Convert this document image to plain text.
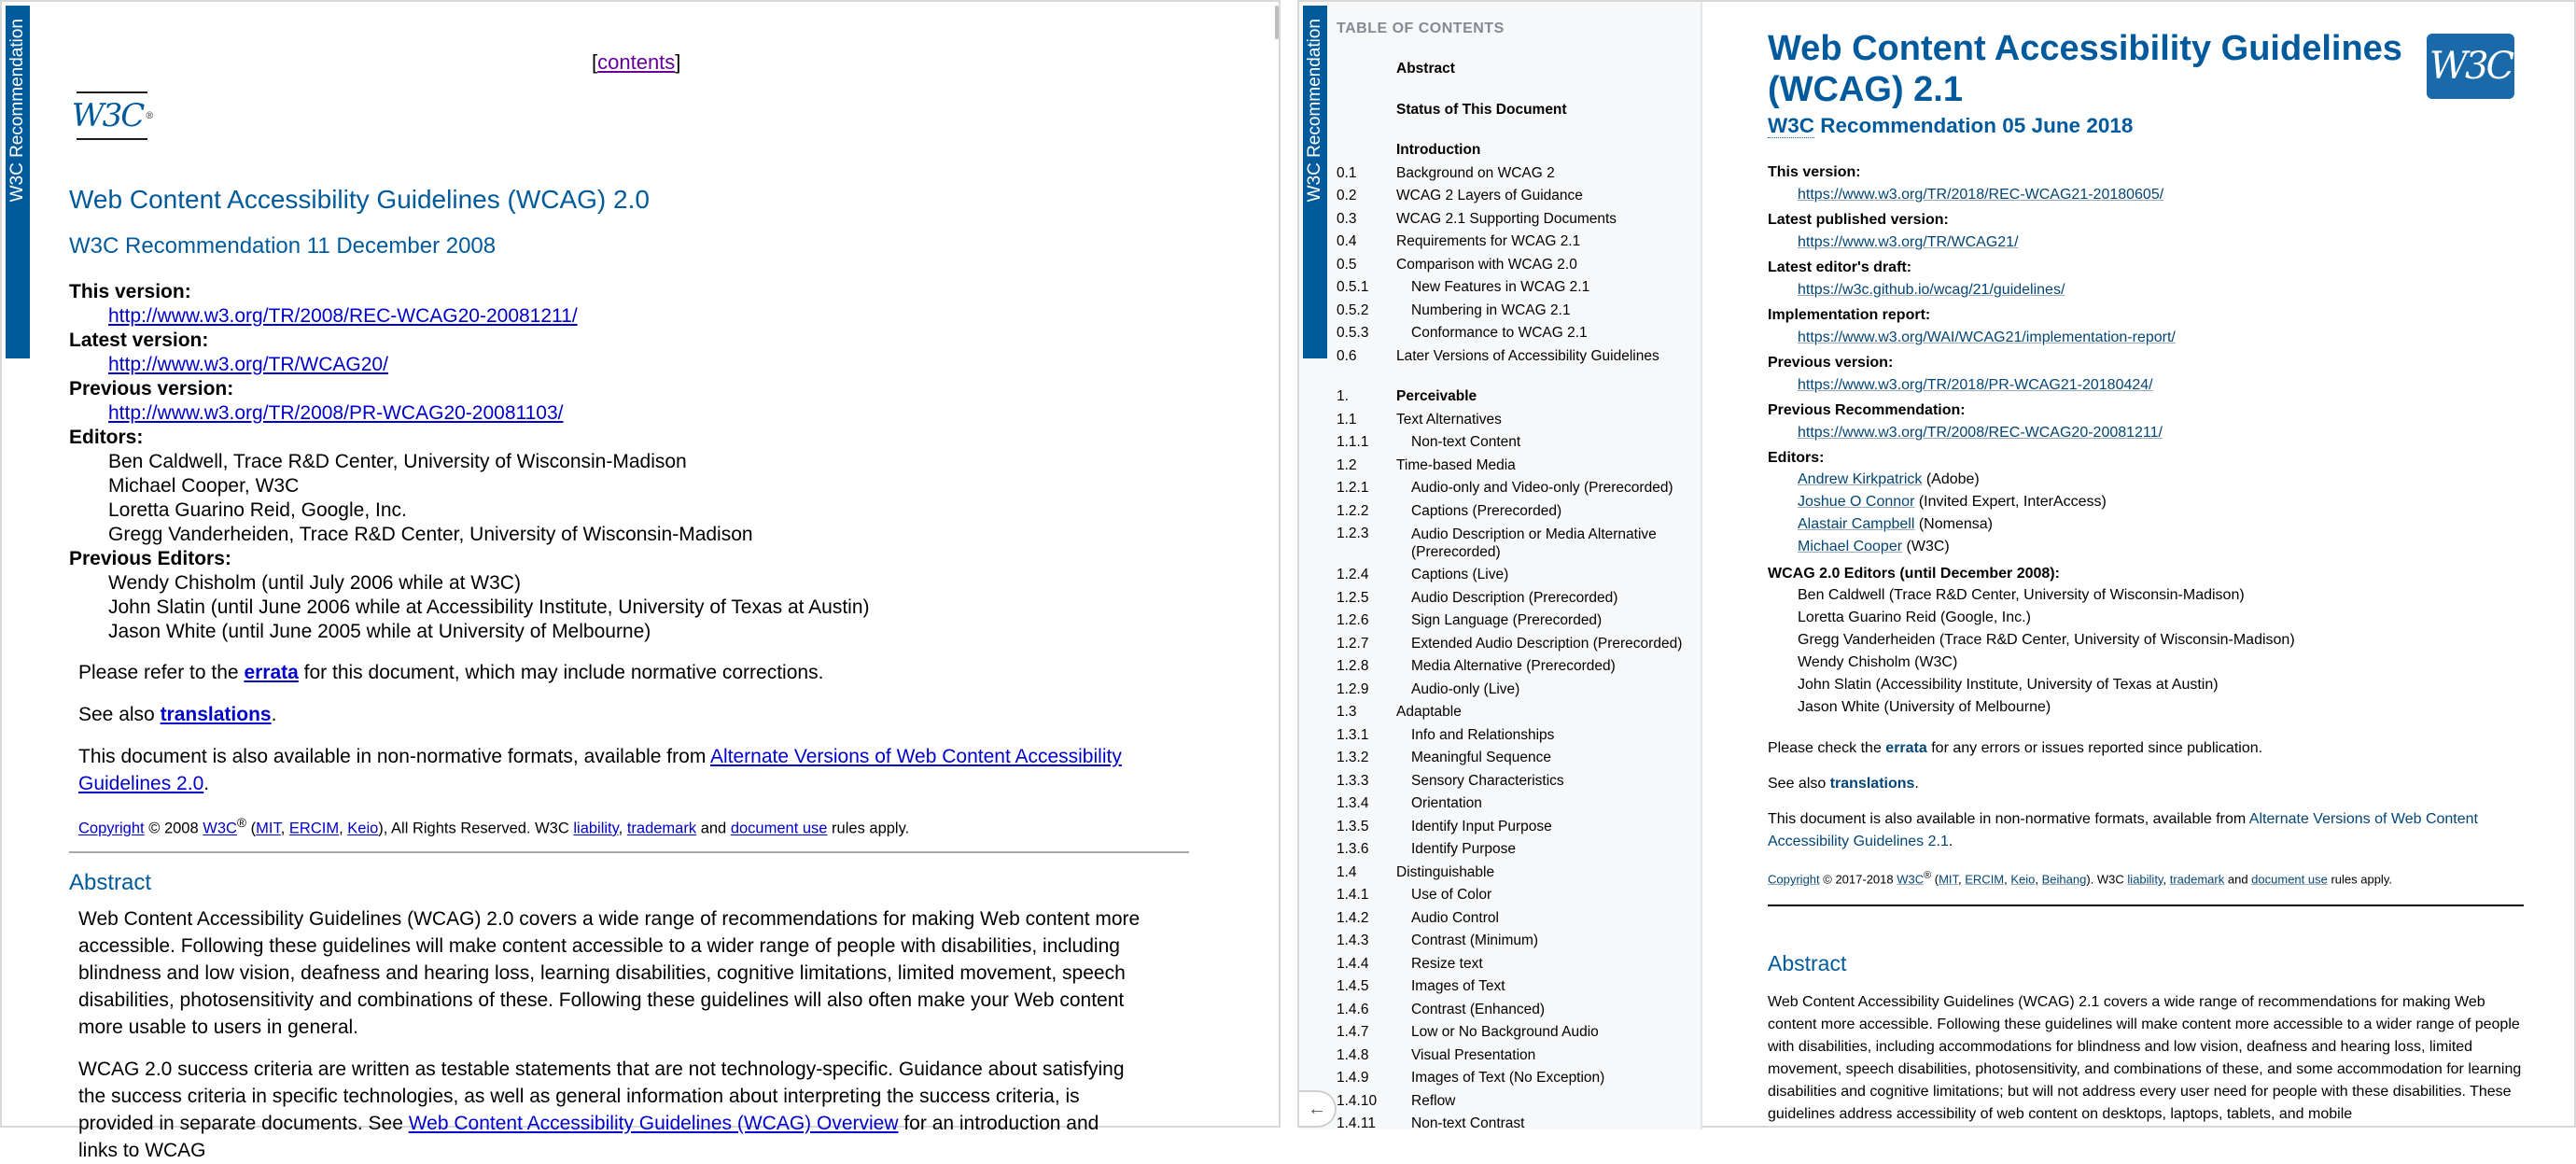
W3C Recommendation	[contents]
W3C ®
Web Content Accessibility Guidelines (WCAG) 2.0
W3C Recommendation 11 December 2008
This version:
http://www.w3.org/TR/2008/REC-WCAG20-20081211/
Latest version:
http://www.w3.org/TR/WCAG20/
Previous version:
http://www.w3.org/TR/2008/PR-WCAG20-20081103/
Editors:
Ben Caldwell, Trace R&D Center, University of Wisconsin-Madison
Michael Cooper, W3C
Loretta Guarino Reid, Google, Inc.
Gregg Vanderheiden, Trace R&D Center, University of Wisconsin-Madison
Previous Editors:
Wendy Chisholm (until July 2006 while at W3C)
John Slatin (until June 2006 while at Accessibility Institute, University of Texas at Austin)
Jason White (until June 2005 while at University of Melbourne)

Please refer to the errata for this document, which may include normative corrections.

See also translations.

This document is also available in non-normative formats, available from Alternate Versions of Web Content Accessibility Guidelines 2.0.

Copyright © 2008 W3C® (MIT, ERCIM, Keio), All Rights Reserved. W3C liability, trademark and document use rules apply.

Abstract

Web Content Accessibility Guidelines (WCAG) 2.0 covers a wide range of recommendations for making Web content more accessible. Following these guidelines will make content accessible to a wider range of people with disabilities, including blindness and low vision, deafness and hearing loss, learning disabilities, cognitive limitations, limited movement, speech disabilities, photosensitivity and combinations of these. Following these guidelines will also often make your Web content more usable to users in general.

WCAG 2.0 success criteria are written as testable statements that are not technology-specific. Guidance about satisfying the success criteria in specific technologies, as well as general information about interpreting the success criteria, is provided in separate documents. See Web Content Accessibility Guidelines (WCAG) Overview for an introduction and links to WCAG

W3C Recommendation TABLE OF CONTENTS
Abstract
Status of This Document
Introduction
0.1	Background on WCAG 2
0.2	WCAG 2 Layers of Guidance
0.3	WCAG 2.1 Supporting Documents
0.4	Requirements for WCAG 2.1
0.5	Comparison with WCAG 2.0
0.5.1	New Features in WCAG 2.1
0.5.2	Numbering in WCAG 2.1
0.5.3	Conformance to WCAG 2.1
0.6	Later Versions of Accessibility Guidelines
1.	Perceivable
1.1	Text Alternatives
1.1.1	Non-text Content
1.2	Time-based Media
1.2.1	Audio-only and Video-only (Prerecorded)
1.2.2	Captions (Prerecorded)
1.2.3	Audio Description or Media Alternative (Prerecorded)
1.2.4	Captions (Live)
1.2.5	Audio Description (Prerecorded)
1.2.6	Sign Language (Prerecorded)
1.2.7	Extended Audio Description (Prerecorded)
1.2.8	Media Alternative (Prerecorded)
1.2.9	Audio-only (Live)
1.3	Adaptable
1.3.1	Info and Relationships
1.3.2	Meaningful Sequence
1.3.3	Sensory Characteristics
1.3.4	Orientation
1.3.5	Identify Input Purpose
1.3.6	Identify Purpose
1.4	Distinguishable
1.4.1	Use of Color
1.4.2	Audio Control
1.4.3	Contrast (Minimum)
1.4.4	Resize text
1.4.5	Images of Text
1.4.6	Contrast (Enhanced)
1.4.7	Low or No Background Audio
1.4.8	Visual Presentation
1.4.9	Images of Text (No Exception)
1.4.10	Reflow
1.4.11	Non-text Contrast
←
W3C
Web Content Accessibility Guidelines (WCAG) 2.1
W3C Recommendation 05 June 2018
This version:
https://www.w3.org/TR/2018/REC-WCAG21-20180605/
Latest published version:
https://www.w3.org/TR/WCAG21/
Latest editor's draft:
https://w3c.github.io/wcag/21/guidelines/
Implementation report:
https://www.w3.org/WAI/WCAG21/implementation-report/
Previous version:
https://www.w3.org/TR/2018/PR-WCAG21-20180424/
Previous Recommendation:
https://www.w3.org/TR/2008/REC-WCAG20-20081211/
Editors:
Andrew Kirkpatrick (Adobe)
Joshue O Connor (Invited Expert, InterAccess)
Alastair Campbell (Nomensa)
Michael Cooper (W3C)
WCAG 2.0 Editors (until December 2008):
Ben Caldwell (Trace R&D Center, University of Wisconsin-Madison)
Loretta Guarino Reid (Google, Inc.)
Gregg Vanderheiden (Trace R&D Center, University of Wisconsin-Madison)
Wendy Chisholm (W3C)
John Slatin (Accessibility Institute, University of Texas at Austin)
Jason White (University of Melbourne)

Please check the errata for any errors or issues reported since publication.

See also translations.

This document is also available in non-normative formats, available from Alternate Versions of Web Content Accessibility Guidelines 2.1.

Copyright © 2017-2018 W3C® (MIT, ERCIM, Keio, Beihang). W3C liability, trademark and document use rules apply.

Abstract

Web Content Accessibility Guidelines (WCAG) 2.1 covers a wide range of recommendations for making Web content more accessible. Following these guidelines will make content more accessible to a wider range of people with disabilities, including accommodations for blindness and low vision, deafness and hearing loss, limited movement, speech disabilities, photosensitivity, and combinations of these, and some accommodation for learning disabilities and cognitive limitations; but will not address every user need for people with these disabilities. These guidelines address accessibility of web content on desktops, laptops, tablets, and mobile
